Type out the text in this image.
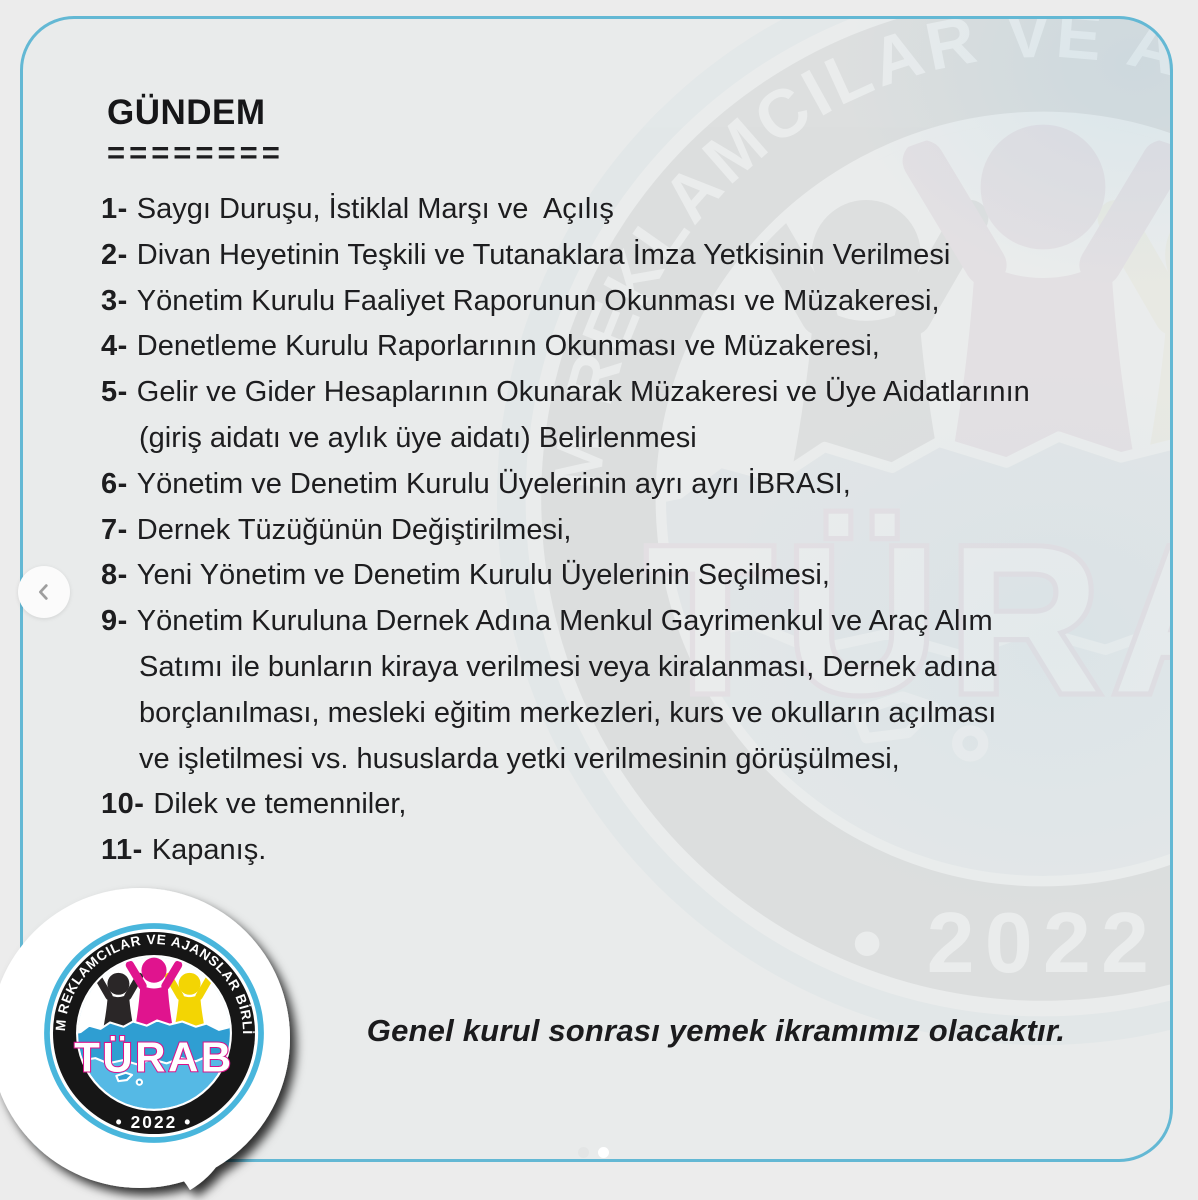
GÜNDEM
========
1- Saygı Duruşu, İstiklal Marşı ve  Açılış
2- Divan Heyetinin Teşkili ve Tutanaklara İmza Yetkisinin Verilmesi
3- Yönetim Kurulu Faaliyet Raporunun Okunması ve Müzakeresi,
4- Denetleme Kurulu Raporlarının Okunması ve Müzakeresi,
5- Gelir ve Gider Hesaplarının Okunarak Müzakeresi ve Üye Aidatlarının
(giriş aidatı ve aylık üye aidatı) Belirlenmesi
6- Yönetim ve Denetim Kurulu Üyelerinin ayrı ayrı İBRASI,
7- Dernek Tüzüğünün Değiştirilmesi,
8- Yeni Yönetim ve Denetim Kurulu Üyelerinin Seçilmesi,
9- Yönetim Kuruluna Dernek Adına Menkul Gayrimenkul ve Araç Alım
Satımı ile bunların kiraya verilmesi veya kiralanması, Dernek adına
borçlanılması, mesleki eğitim merkezleri, kurs ve okulların açılması
ve işletilmesi vs. hususlarda yetki verilmesinin görüşülmesi,
10- Dilek ve temenniler,
11- Kapanış.
Genel kurul sonrası yemek ikramımız olacaktır.
